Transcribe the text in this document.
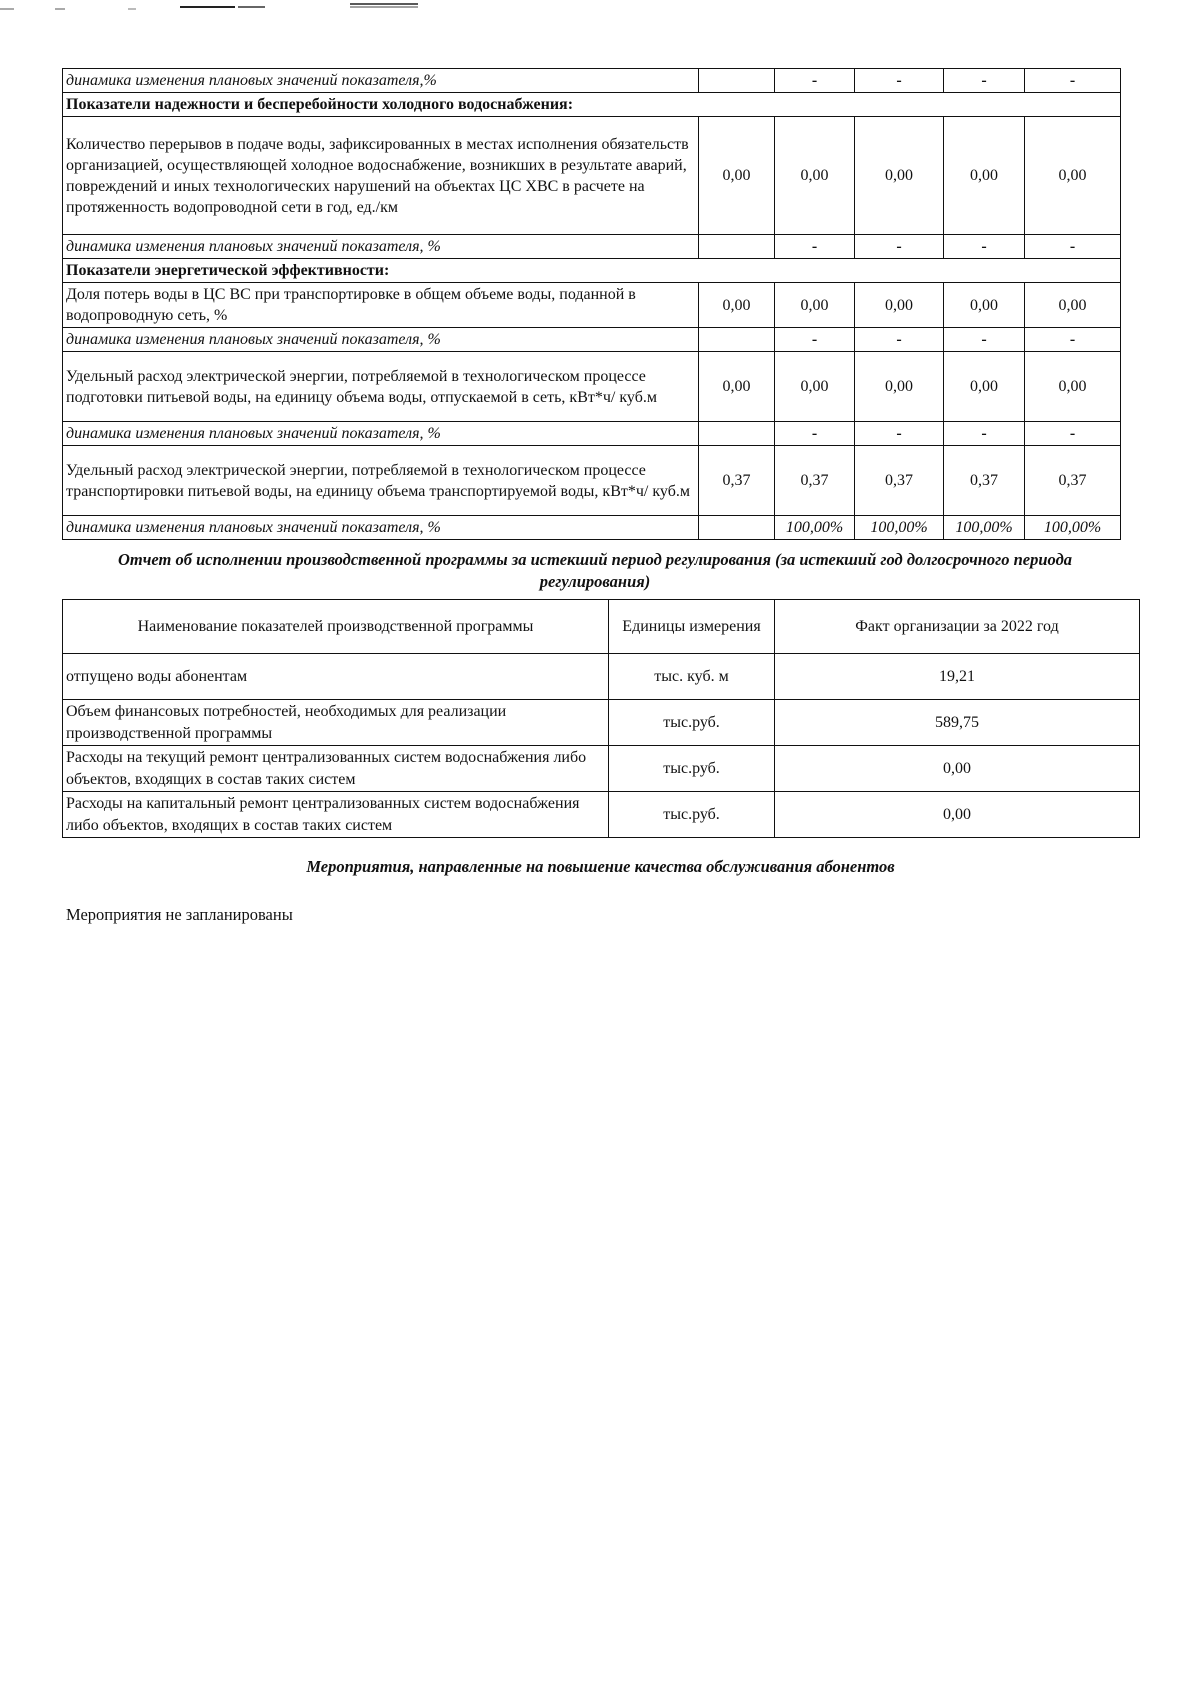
динамика изменения плановых значений показателя,%		-	-	-	-
Показатели надежности и бесперебойности холодного водоснабжения:					
Количество перерывов в подаче воды, зафиксированных в местах исполнения обязательств организацией, осуществляющей холодное водоснабжение, возникших в результате аварий, повреждений и иных технологических нарушений на объектах ЦС ХВС в расчете на протяженность водопроводной сети в год, ед./км	0,00	0,00	0,00	0,00	0,00
динамика изменения плановых значений показателя, %		-	-	-	-
Показатели энергетической эффективности:					
Доля потерь воды в ЦС ВС при транспортировке в общем объеме воды, поданной в водопроводную сеть, %	0,00	0,00	0,00	0,00	0,00
динамика изменения плановых значений показателя, %		-	-	-	-
Удельный расход электрической энергии, потребляемой в технологическом процессе подготовки питьевой воды, на единицу объема воды, отпускаемой в сеть, кВт*ч/ куб.м	0,00	0,00	0,00	0,00	0,00
динамика изменения плановых значений показателя, %		-	-	-	-
Удельный расход электрической энергии, потребляемой в технологическом процессе транспортировки питьевой воды, на единицу объема транспортируемой воды, кВт*ч/ куб.м	0,37	0,37	0,37	0,37	0,37
динамика изменения плановых значений показателя, %		100,00%	100,00%	100,00%	100,00%
Отчет об исполнении производственной программы за истекший период регулирования (за истекший год долгосрочного периода регулирования)
Наименование показателей производственной программы	Единицы измерения	Факт организации за 2022 год
отпущено воды абонентам	тыс. куб. м	19,21
Объем финансовых потребностей, необходимых для реализации производственной программы	тыс.руб.	589,75
Расходы на текущий ремонт централизованных систем водоснабжения либо объектов, входящих в состав таких систем	тыс.руб.	0,00
Расходы на капитальный ремонт централизованных систем водоснабжения либо объектов, входящих в состав таких систем	тыс.руб.	0,00
Мероприятия, направленные на повышение качества обслуживания абонентов
Мероприятия не запланированы
